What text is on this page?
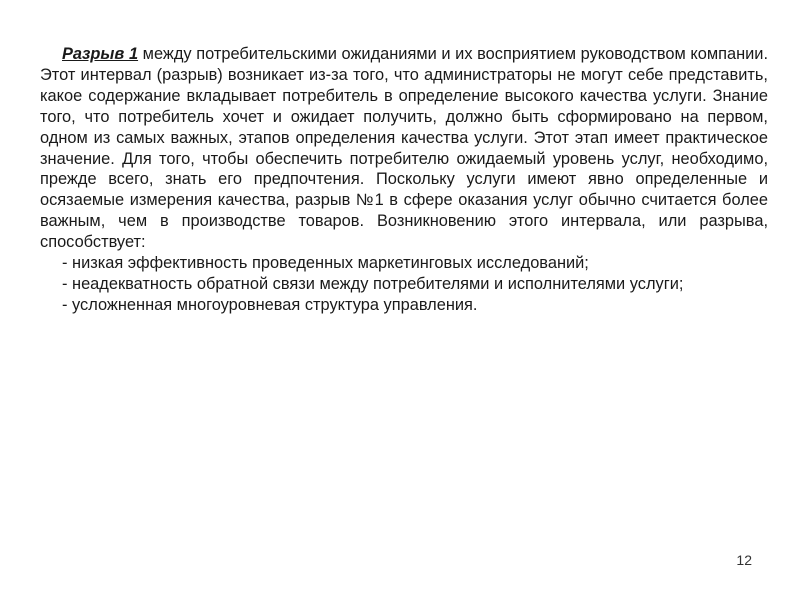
Разрыв 1 между потребительскими ожиданиями и их восприятием руководством компании. Этот интервал (разрыв) возникает из-за того, что администраторы не могут себе представить, какое содержание вкладывает потребитель в определение высокого качества услуги. Знание того, что потребитель хочет и ожидает получить, должно быть сформировано на первом, одном из самых важных, этапов определения качества услуги. Этот этап имеет практическое значение. Для того, чтобы обеспечить потребителю ожидаемый уровень услуг, необходимо, прежде всего, знать его предпочтения. Поскольку услуги имеют явно определенные и осязаемые измерения качества, разрыв №1 в сфере оказания услуг обычно считается более важным, чем в производстве товаров. Возникновению этого интервала, или разрыва, способствует:

- низкая эффективность проведенных маркетинговых исследований;

- неадекватность обратной связи между потребителями и исполнителями услуги;

- усложненная многоуровневая структура управления.

12
